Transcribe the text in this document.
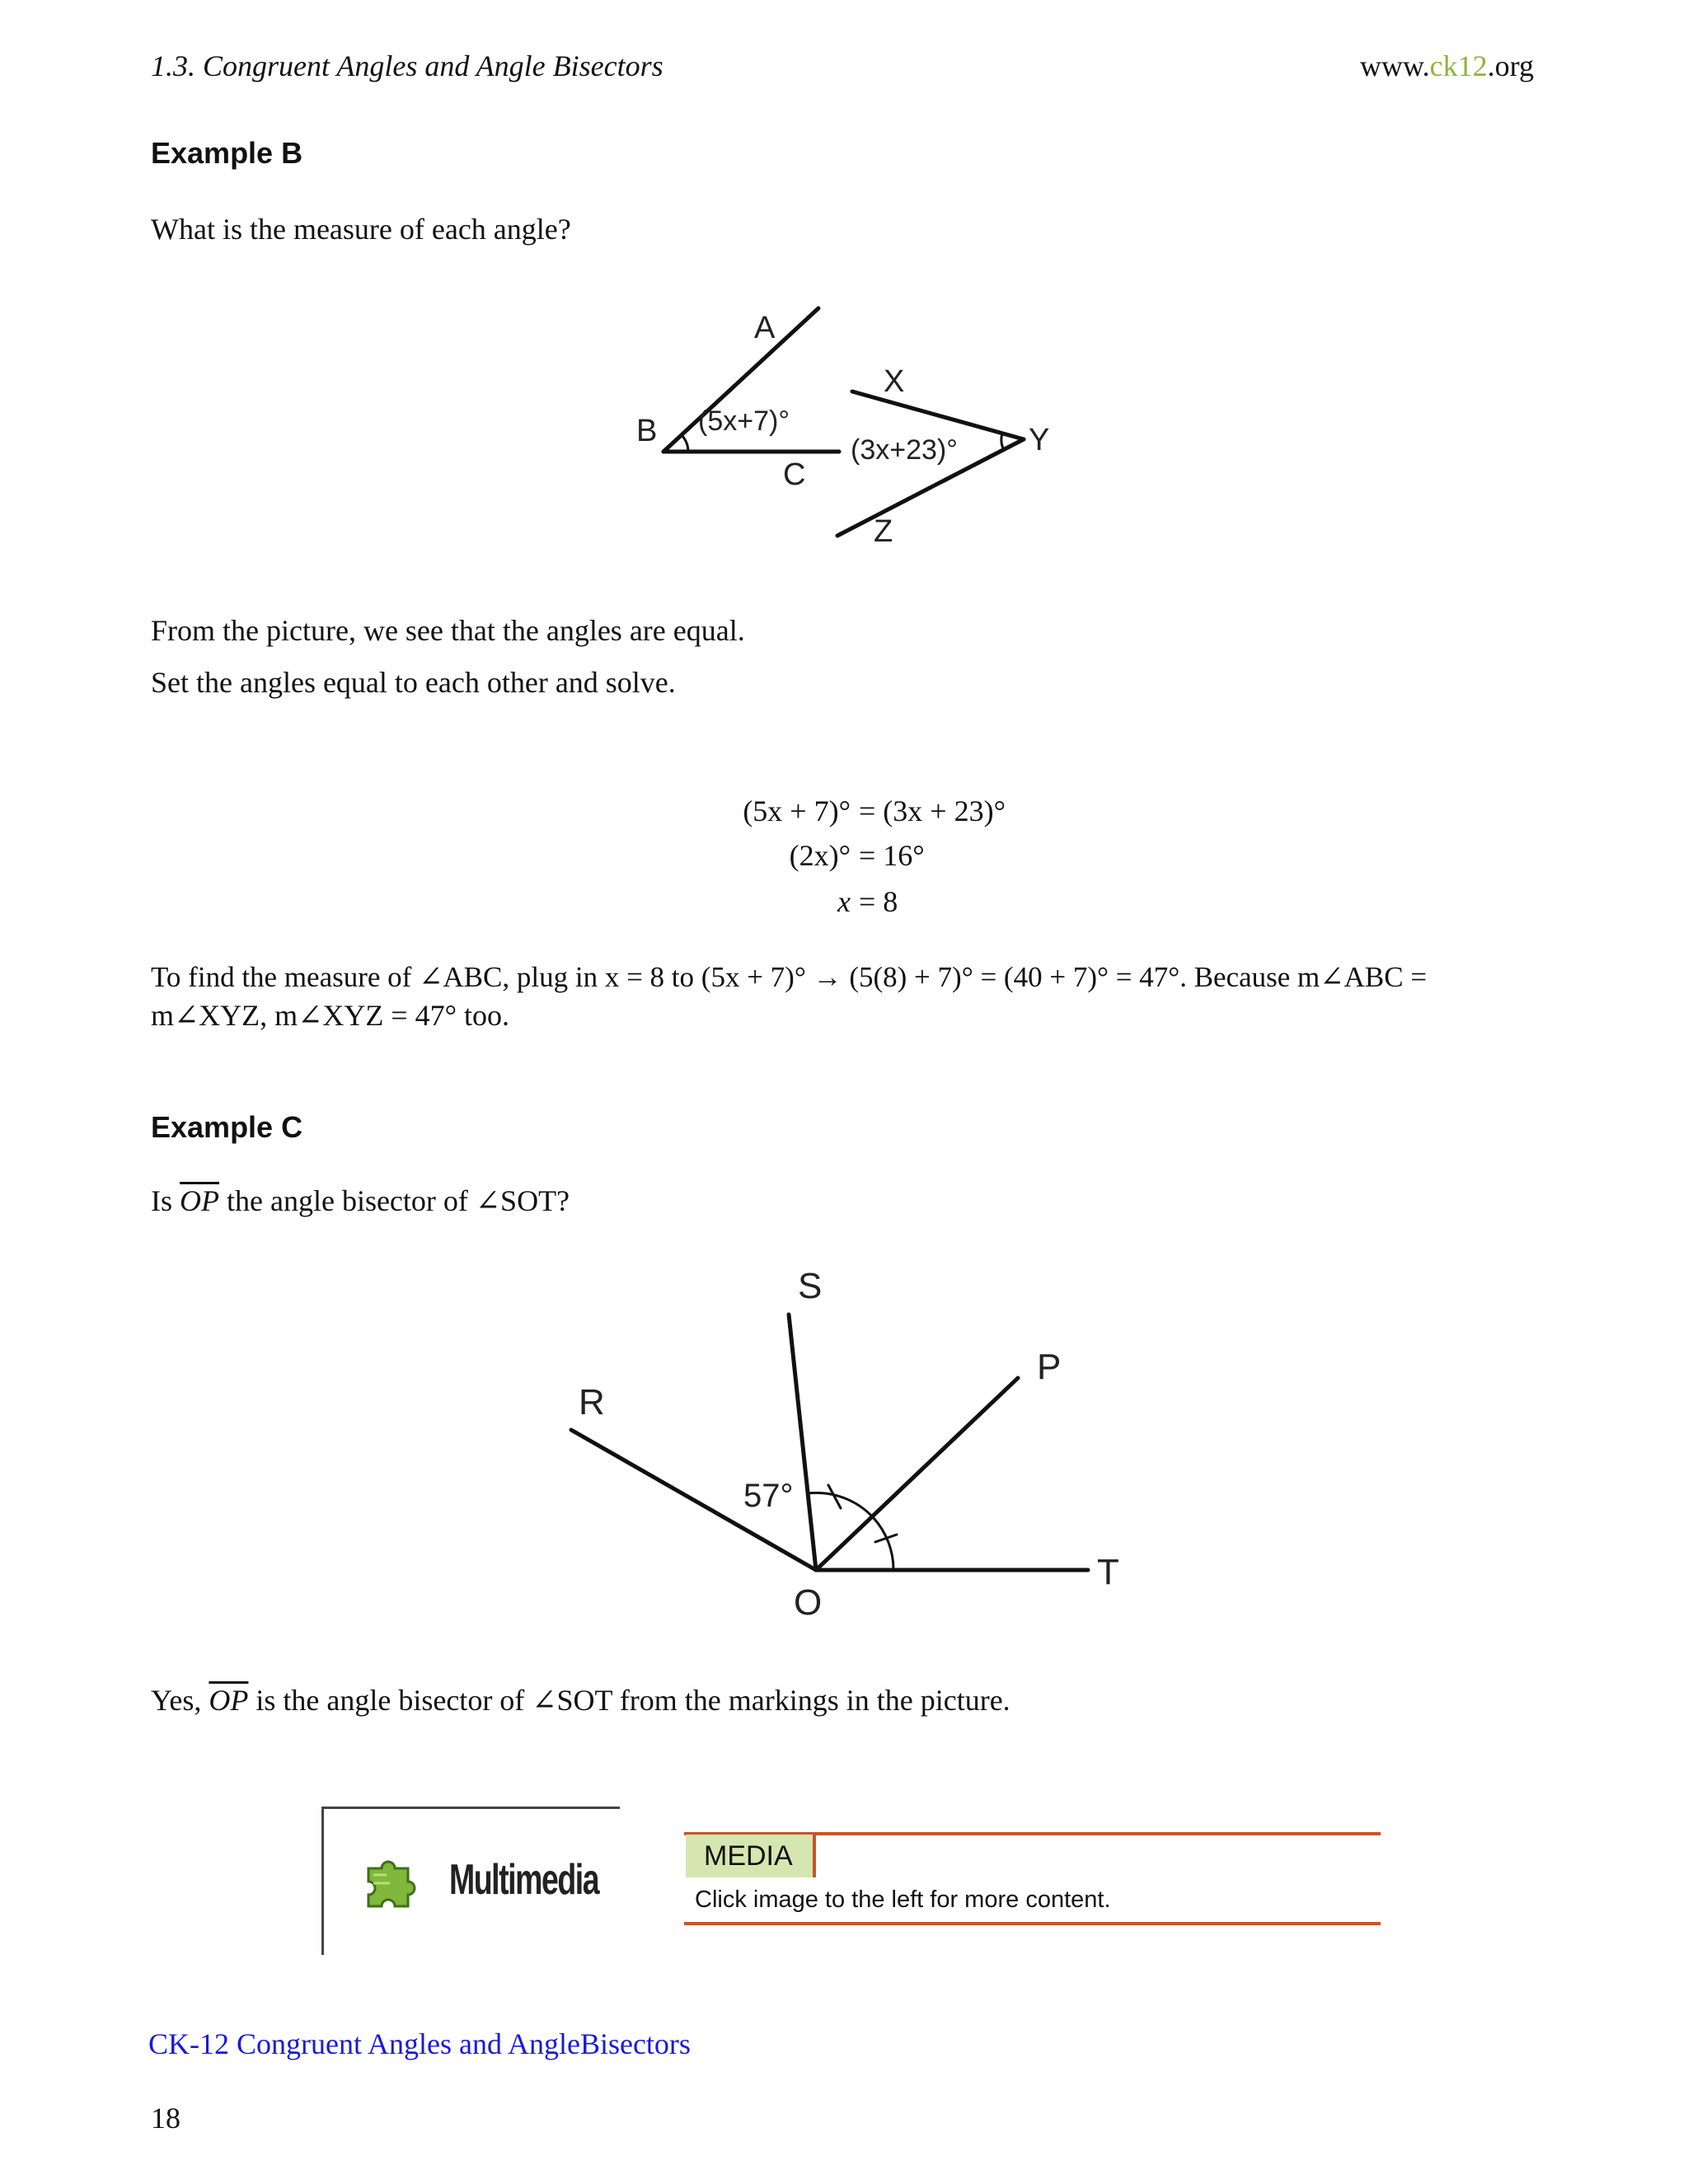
1.3. Congruent Angles and Angle Bisectors	www.ck12.org
Example B
What is the measure of each angle?
A
B
C
(5x+7)°
X
Y
Z
(3x+23)°
From the picture, we see that the angles are equal.
Set the angles equal to each other and solve.
(5x + 7)° = (3x + 23)°
(2x)° = 16°
x = 8
To find the measure of ∠ABC, plug in x = 8 to (5x + 7)° → (5(8) + 7)° = (40 + 7)° = 47°. Because m∠ABC =
m∠XYZ, m∠XYZ = 47° too.
Example C
Is $\overline{OP}$ the angle bisector of ∠SOT?
S
P
R
O
T
57°
Yes, $\overline{OP}$ is the angle bisector of ∠SOT from the markings in the picture.
Multimedia	MEDIA
Click image to the left for more content.
CK-12 Congruent Angles and AngleBisectors
18
